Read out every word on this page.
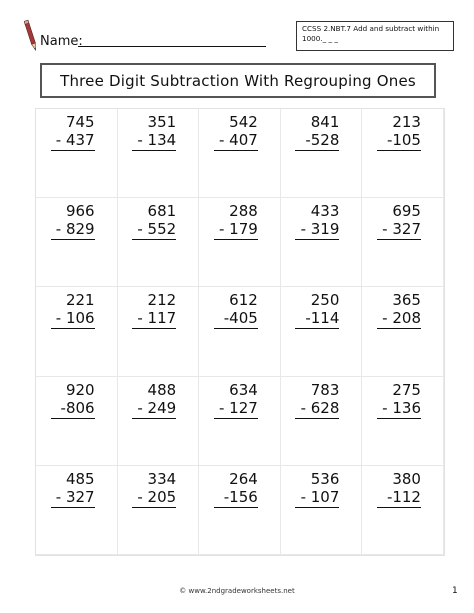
Name:
CCSS 2.NBT.7 Add and subtract within
1000._ _ _
Three Digit Subtraction With Regrouping Ones
745
- 437
351
- 134
542
- 407
841
-528
213
-105
966
- 829
681
- 552
288
- 179
433
- 319
695
- 327
221
- 106
212
- 117
612
-405
250
-114
365
- 208
920
-806
488
- 249
634
- 127
783
- 628
275
- 136
485
- 327
334
- 205
264
-156
536
- 107
380
-112
© www.2ndgradeworksheets.net	1
